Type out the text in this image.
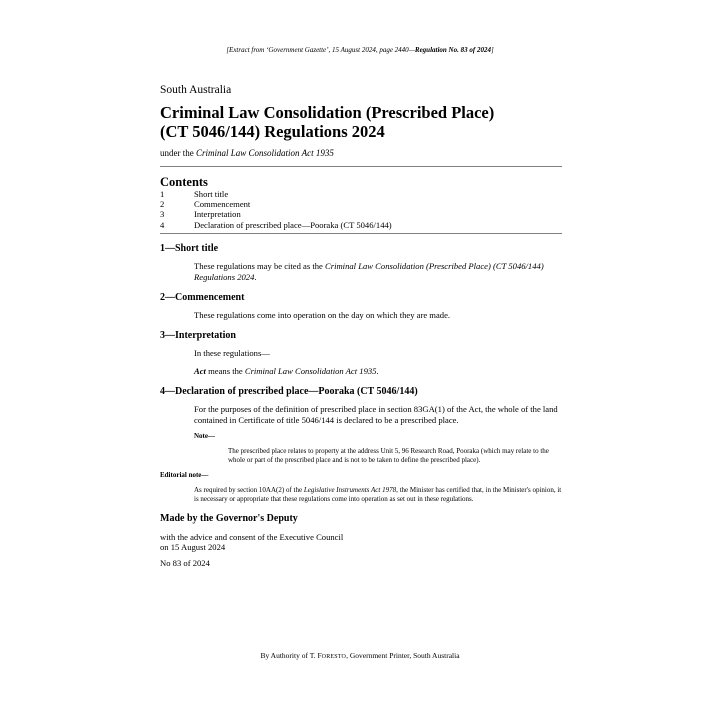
[Extract from ‘Government Gazette’, 15 August 2024, page 2440—Regulation No. 83 of 2024]
South Australia
Criminal Law Consolidation (Prescribed Place)
(CT 5046/144) Regulations 2024
under the Criminal Law Consolidation Act 1935
Contents
1	Short title
2	Commencement
3	Interpretation
4	Declaration of prescribed place—Pooraka (CT 5046/144)
1—Short title
These regulations may be cited as the Criminal Law Consolidation (Prescribed Place) (CT 5046/144) Regulations 2024.
2—Commencement
These regulations come into operation on the day on which they are made.
3—Interpretation
In these regulations—
Act means the Criminal Law Consolidation Act 1935.
4—Declaration of prescribed place—Pooraka (CT 5046/144)
For the purposes of the definition of prescribed place in section 83GA(1) of the Act, the whole of the land contained in Certificate of title 5046/144 is declared to be a prescribed place.
Note—
The prescribed place relates to property at the address Unit 5, 96 Research Road, Pooraka (which may relate to the whole or part of the prescribed place and is not to be taken to define the prescribed place).
Editorial note—
As required by section 10AA(2) of the Legislative Instruments Act 1978, the Minister has certified that, in the Minister's opinion, it is necessary or appropriate that these regulations come into operation as set out in these regulations.
Made by the Governor's Deputy
with the advice and consent of the Executive Council
on 15 August 2024
No 83 of 2024
By Authority of T. FORESTO, Government Printer, South Australia
